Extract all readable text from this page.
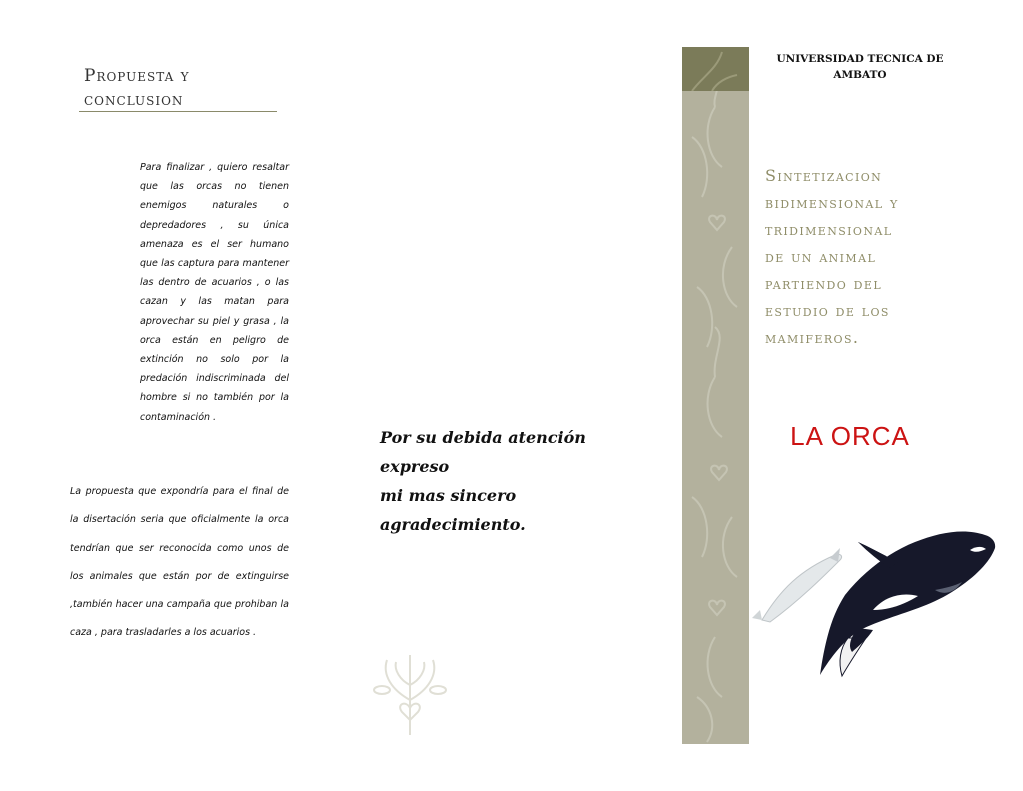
Propuesta y
conclusion
Para finalizar , quiero resaltar que las orcas no tienen enemigos naturales o depredadores , su única amenaza es el ser humano que las captura para mantener las dentro de acuarios , o las cazan y las matan para aprovechar su piel y grasa , la orca están en peligro de extinción no solo por la predación indiscriminada del hombre si no también por la contaminación .
La propuesta que expondría para el final de la disertación seria que oficialmente la orca tendrían que ser reconocida como unos de los animales que están por de extinguirse ,también hacer una campaña que prohiban la caza , para trasladarles a los acuarios .
Por su debida atención expreso
mi mas sincero agradecimiento.
UNIVERSIDAD TECNICA DE
AMBATO
Sintetizacion
bidimensional y
tridimensional
de un animal
partiendo del
estudio de los
mamiferos.
LA ORCA
